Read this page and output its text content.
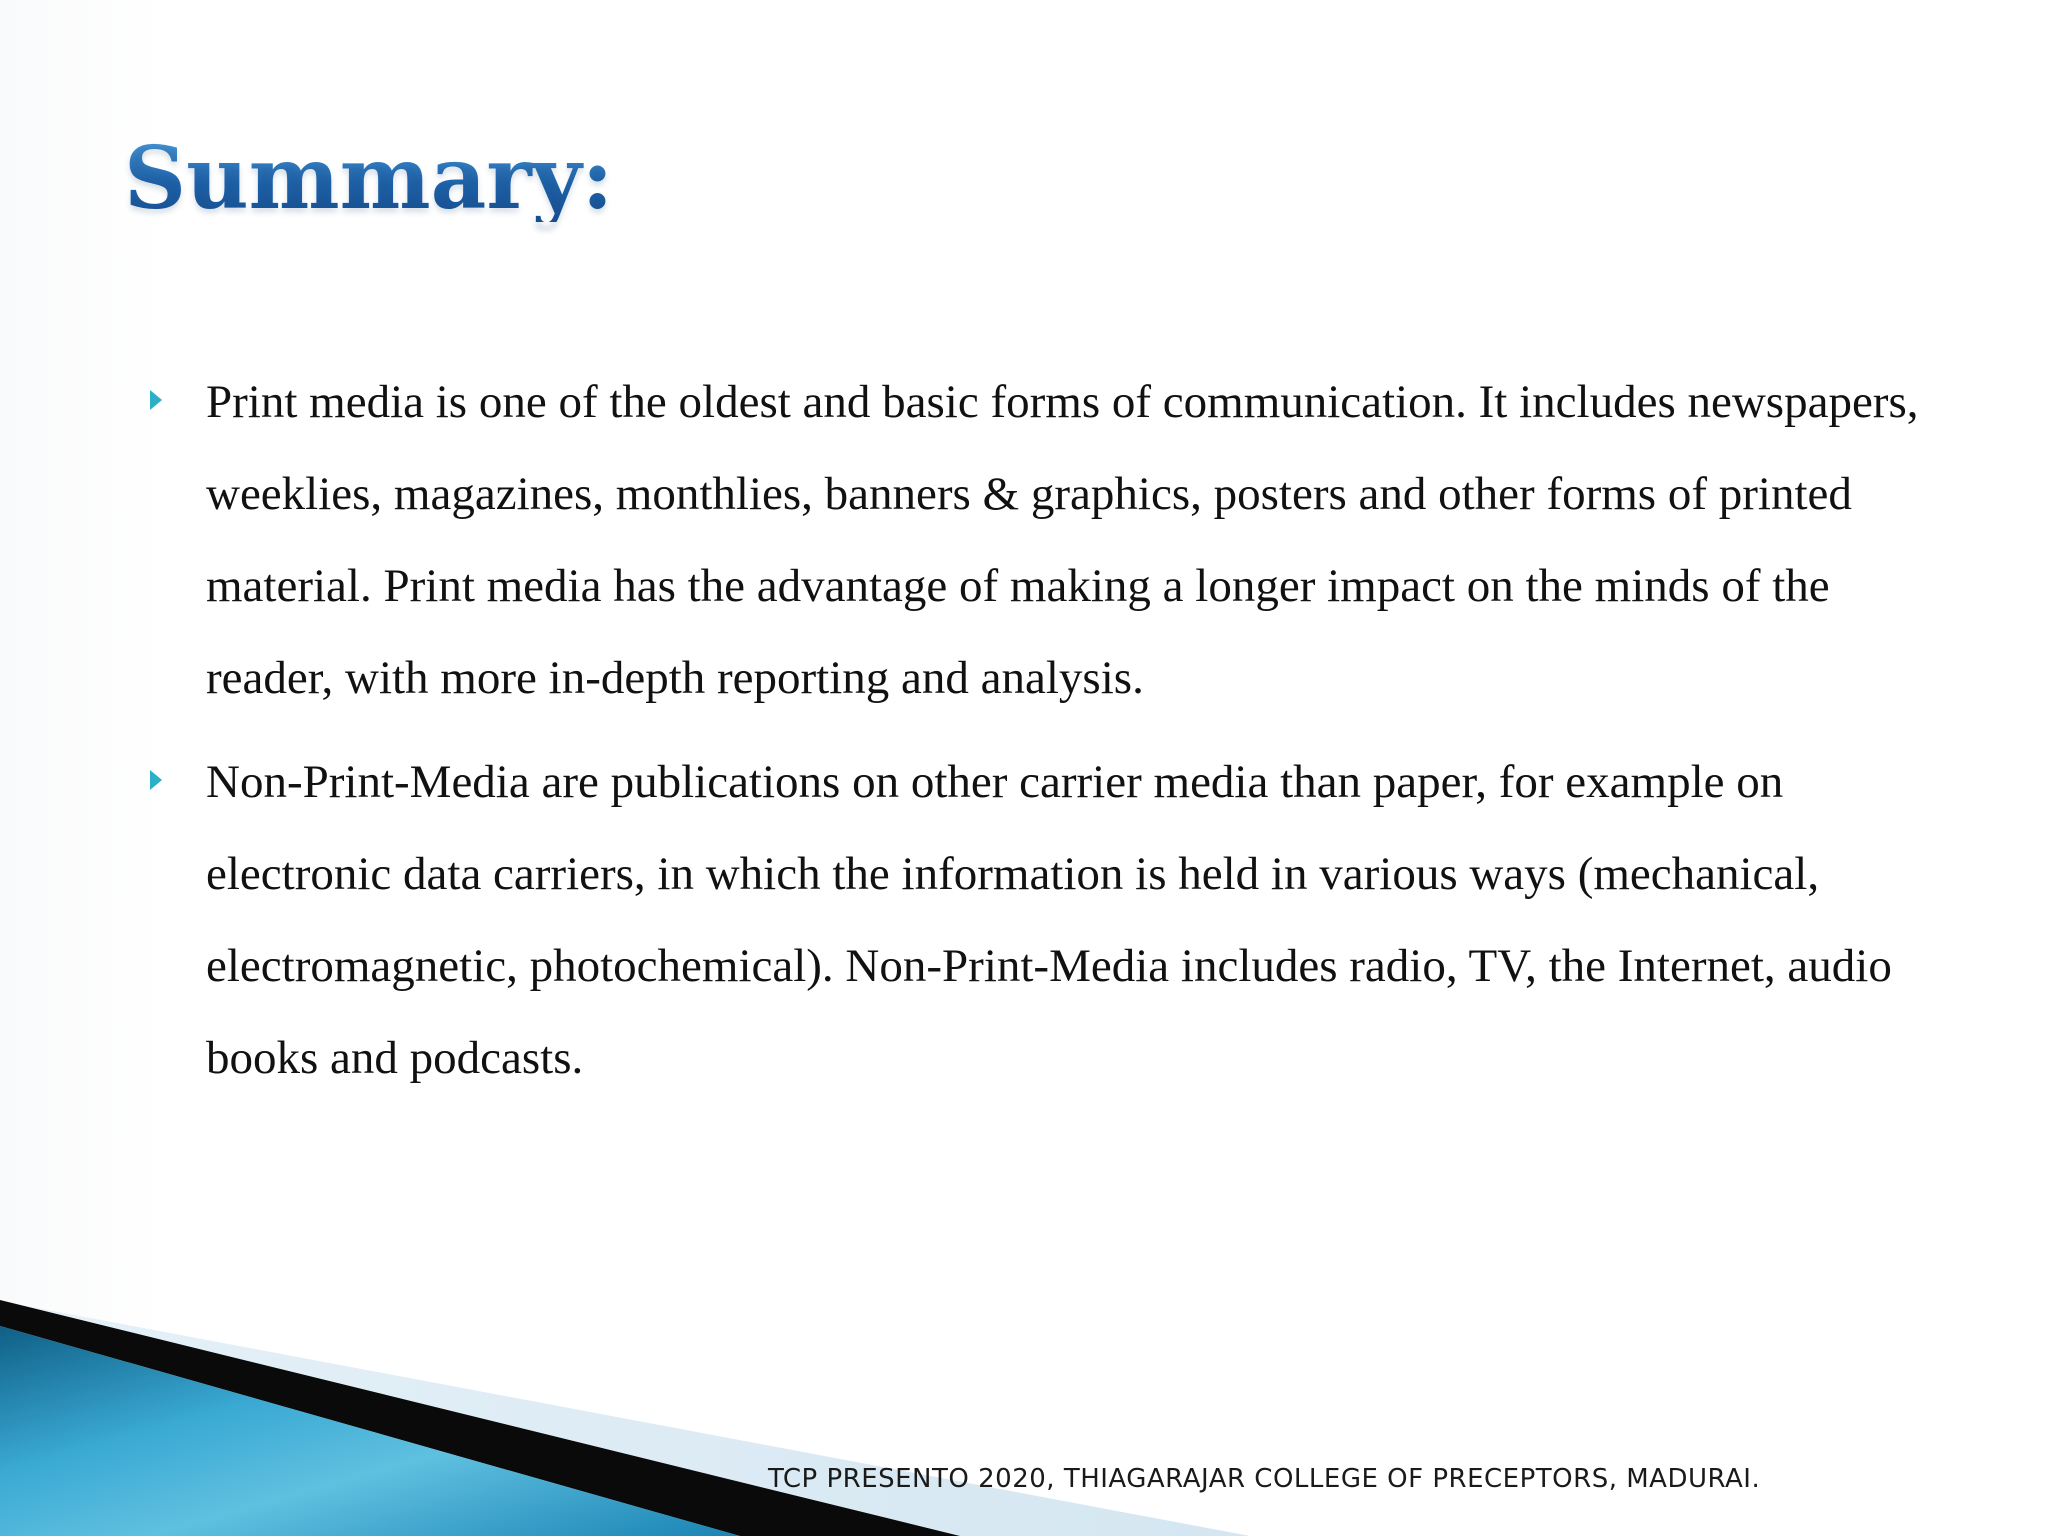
Summary:
Print media is one of the oldest and basic forms of communication. It includes newspapers, weeklies, magazines, monthlies, banners & graphics, posters and other forms of printed material. Print media has the advantage of making a longer impact on the minds of the reader, with more in-depth reporting and analysis.
Non-Print-Media are publications on other carrier media than paper, for example on electronic data carriers, in which the information is held in various ways (mechanical, electromagnetic, photochemical). Non-Print-Media includes radio, TV, the Internet, audio books and podcasts.
TCP PRESENTO 2020, THIAGARAJAR COLLEGE OF PRECEPTORS, MADURAI.
